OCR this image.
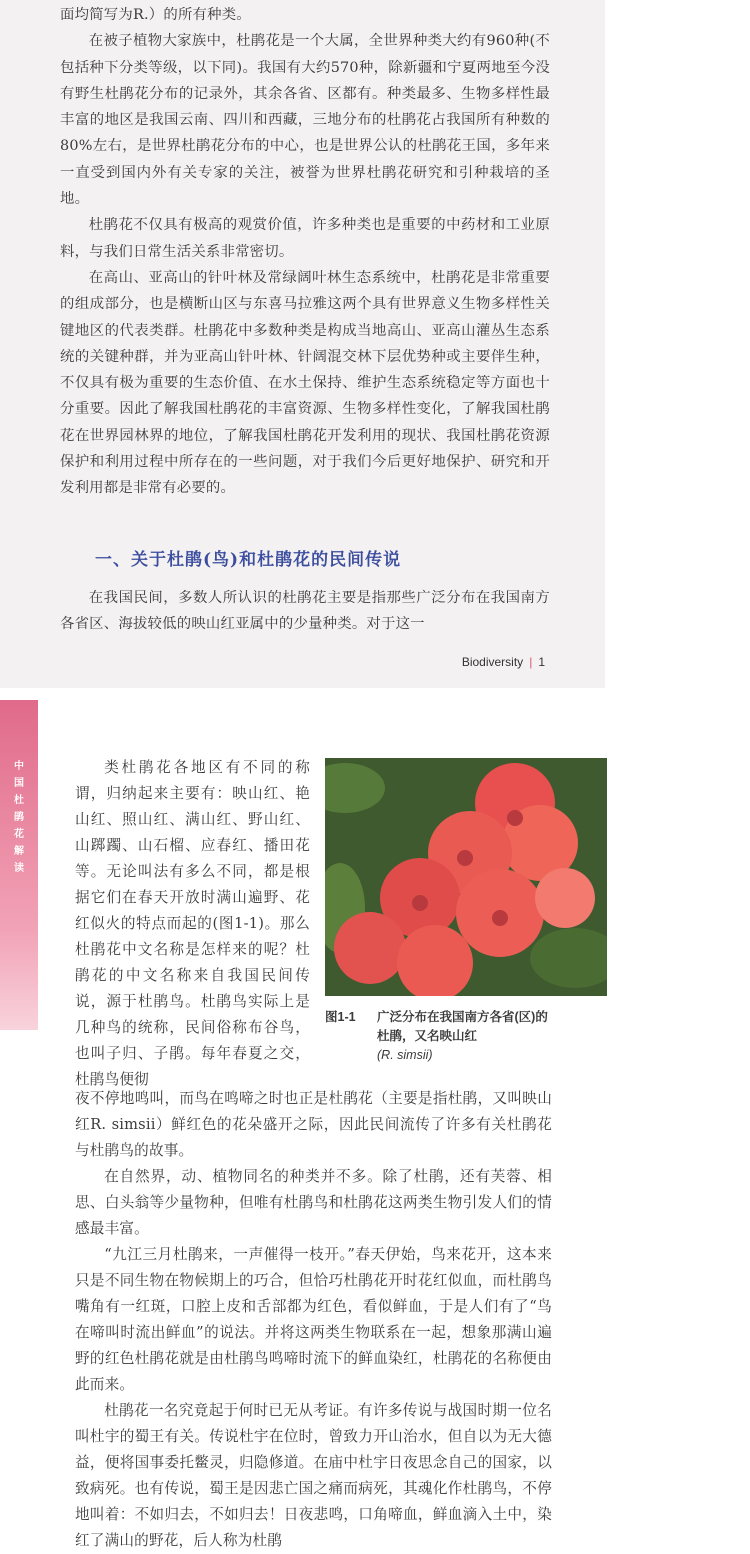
面均简写为R.）的所有种类。

在被子植物大家族中，杜鹃花是一个大属，全世界种类大约有960种(不包括种下分类等级，以下同)。我国有大约570种，除新疆和宁夏两地至今没有野生杜鹃花分布的记录外，其余各省、区都有。种类最多、生物多样性最丰富的地区是我国云南、四川和西藏，三地分布的杜鹃花占我国所有种数的80%左右，是世界杜鹃花分布的中心，也是世界公认的杜鹃花王国，多年来一直受到国内外有关专家的关注，被誉为世界杜鹃花研究和引种栽培的圣地。

杜鹃花不仅具有极高的观赏价值，许多种类也是重要的中药材和工业原料，与我们日常生活关系非常密切。

在高山、亚高山的针叶林及常绿阔叶林生态系统中，杜鹃花是非常重要的组成部分，也是横断山区与东喜马拉雅这两个具有世界意义生物多样性关键地区的代表类群。杜鹃花中多数种类是构成当地高山、亚高山灌丛生态系统的关键种群，并为亚高山针叶林、针阔混交林下层优势种或主要伴生种，不仅具有极为重要的生态价值、在水土保持、维护生态系统稳定等方面也十分重要。因此了解我国杜鹃花的丰富资源、生物多样性变化，了解我国杜鹃花在世界园林界的地位，了解我国杜鹃花开发利用的现状、我国杜鹃花资源保护和利用过程中所存在的一些问题，对于我们今后更好地保护、研究和开发利用都是非常有必要的。

一、关于杜鹃(鸟)和杜鹃花的民间传说

在我国民间，多数人所认识的杜鹃花主要是指那些广泛分布在我国南方各省区、海拔较低的映山红亚属中的少量种类。对于这一

Biodiversity | 1
中国杜鹃花解读

类杜鹃花各地区有不同的称谓，归纳起来主要有：映山红、艳山红、照山红、满山红、野山红、山踯躅、山石榴、应春红、播田花等。无论叫法有多么不同，都是根据它们在春天开放时满山遍野、花红似火的特点而起的(图1-1)。那么杜鹃花中文名称是怎样来的呢？杜鹃花的中文名称来自我国民间传说，源于杜鹃鸟。杜鹃鸟实际上是几种鸟的统称，民间俗称布谷鸟，也叫子归、子鹃。每年春夏之交，杜鹃鸟便彻

图1-1 广泛分布在我国南方各省(区)的杜鹃，又名映山红
(R. simsii)

夜不停地鸣叫，而鸟在鸣啼之时也正是杜鹃花（主要是指杜鹃，又叫映山红R. simsii）鲜红色的花朵盛开之际，因此民间流传了许多有关杜鹃花与杜鹃鸟的故事。

在自然界，动、植物同名的种类并不多。除了杜鹃，还有芙蓉、相思、白头翁等少量物种，但唯有杜鹃鸟和杜鹃花这两类生物引发人们的情感最丰富。

“九江三月杜鹃来，一声催得一枝开。”春天伊始，鸟来花开，这本来只是不同生物在物候期上的巧合，但恰巧杜鹃花开时花红似血，而杜鹃鸟嘴角有一红斑，口腔上皮和舌部都为红色，看似鲜血，于是人们有了“鸟在啼叫时流出鲜血”的说法。并将这两类生物联系在一起，想象那满山遍野的红色杜鹃花就是由杜鹃鸟鸣啼时流下的鲜血染红，杜鹃花的名称便由此而来。

杜鹃花一名究竟起于何时已无从考证。有许多传说与战国时期一位名叫杜宇的蜀王有关。传说杜宇在位时，曾致力开山治水，但自以为无大德益，便将国事委托鳖灵，归隐修道。在庙中杜宇日夜思念自己的国家，以致病死。也有传说，蜀王是因悲亡国之痛而病死，其魂化作杜鹃鸟，不停地叫着：不如归去，不如归去！日夜悲鸣，口角啼血，鲜血滴入土中，染红了满山的野花，后人称为杜鹃
